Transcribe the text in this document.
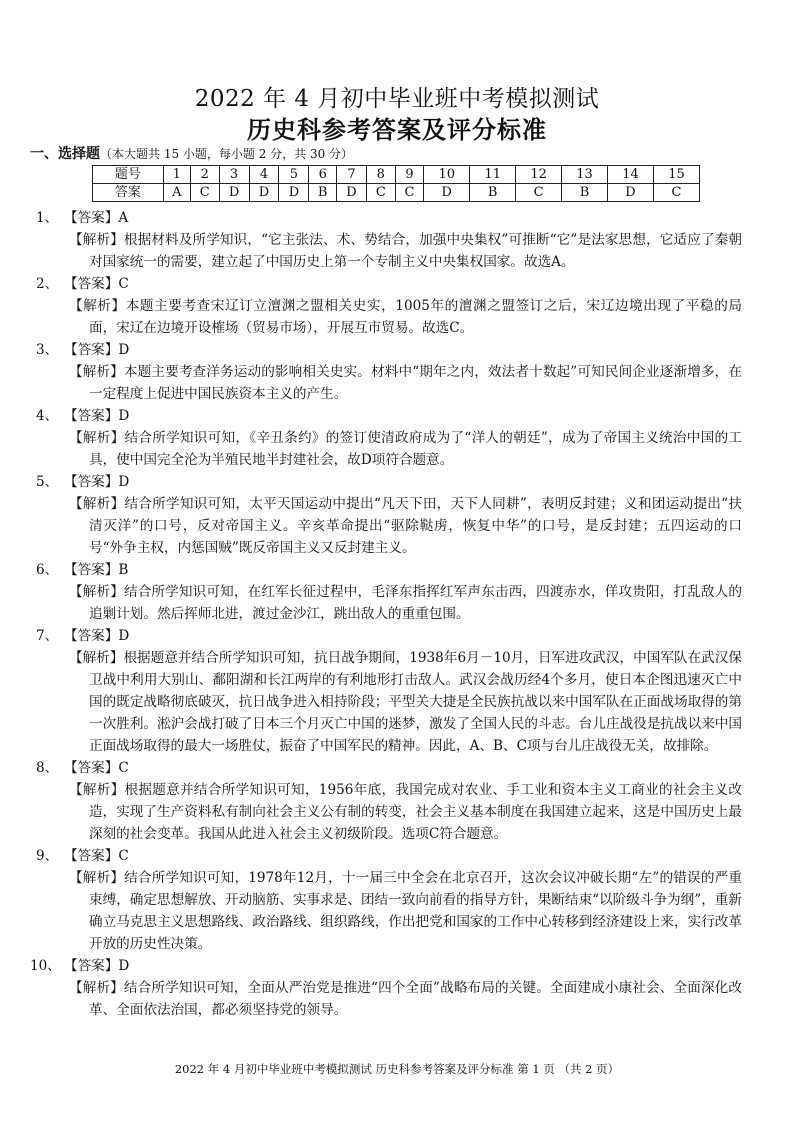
2022 年 4 月初中毕业班中考模拟测试
历史科参考答案及评分标准
一、选择题（本大题共 15 小题，每小题 2 分，共 30 分）
题号	1	2	3	4	5	6	7	8	9	10	11	12	13	14	15
答案	A	C	D	D	D	B	D	C	C	D	B	C	B	D	C
1、 【答案】A
【解析】根据材料及所学知识，“它主张法、术、势结合，加强中央集权”可推断“它”是法家思想，它适应了秦朝对国家统一的需要，建立起了中国历史上第一个专制主义中央集权国家。故选A。
2、 【答案】C
【解析】本题主要考查宋辽订立澶渊之盟相关史实，1005年的澶渊之盟签订之后，宋辽边境出现了平稳的局面，宋辽在边境开设榷场（贸易市场），开展互市贸易。故选C。
3、 【答案】D
【解析】本题主要考查洋务运动的影响相关史实。材料中“期年之内，效法者十数起”可知民间企业逐渐增多，在一定程度上促进中国民族资本主义的产生。
4、 【答案】D
【解析】结合所学知识可知，《辛丑条约》的签订使清政府成为了“洋人的朝廷”，成为了帝国主义统治中国的工具，使中国完全沦为半殖民地半封建社会，故D项符合题意。
5、 【答案】D
【解析】结合所学知识可知，太平天国运动中提出“凡天下田，天下人同耕”，表明反封建；义和团运动提出“扶清灭洋”的口号，反对帝国主义。辛亥革命提出“驱除鞑虏，恢复中华”的口号，是反封建；五四运动的口号“外争主权，内惩国贼”既反帝国主义又反封建主义。
6、 【答案】B
【解析】结合所学知识可知，在红军长征过程中，毛泽东指挥红军声东击西，四渡赤水，佯攻贵阳，打乱敌人的追剿计划。然后挥师北进，渡过金沙江，跳出敌人的重重包围。
7、 【答案】D
【解析】根据题意并结合所学知识可知，抗日战争期间，1938年6月－10月，日军进攻武汉，中国军队在武汉保卫战中利用大别山、鄱阳湖和长江两岸的有利地形打击敌人。武汉会战历经4个多月，使日本企图迅速灭亡中国的既定战略彻底破灭，抗日战争进入相持阶段；平型关大捷是全民族抗战以来中国军队在正面战场取得的第一次胜利。淞沪会战打破了日本三个月灭亡中国的迷梦，激发了全国人民的斗志。台儿庄战役是抗战以来中国正面战场取得的最大一场胜仗，振奋了中国军民的精神。因此，A、B、C项与台儿庄战役无关，故排除。
8、 【答案】C
【解析】根据题意并结合所学知识可知，1956年底，我国完成对农业、手工业和资本主义工商业的社会主义改造，实现了生产资料私有制向社会主义公有制的转变，社会主义基本制度在我国建立起来，这是中国历史上最深刻的社会变革。我国从此进入社会主义初级阶段。选项C符合题意。
9、 【答案】C
【解析】结合所学知识可知，1978年12月，十一届三中全会在北京召开，这次会议冲破长期“左”的错误的严重束缚，确定思想解放、开动脑筋、实事求是、团结一致向前看的指导方针，果断结束“以阶级斗争为纲”，重新确立马克思主义思想路线、政治路线、组织路线，作出把党和国家的工作中心转移到经济建设上来，实行改革开放的历史性决策。
10、 【答案】D
【解析】结合所学知识可知，全面从严治党是推进“四个全面”战略布局的关键。全面建成小康社会、全面深化改革、全面依法治国，都必须坚持党的领导。
2022 年 4 月初中毕业班中考模拟测试 历史科参考答案及评分标准 第 1 页 （共 2 页）
